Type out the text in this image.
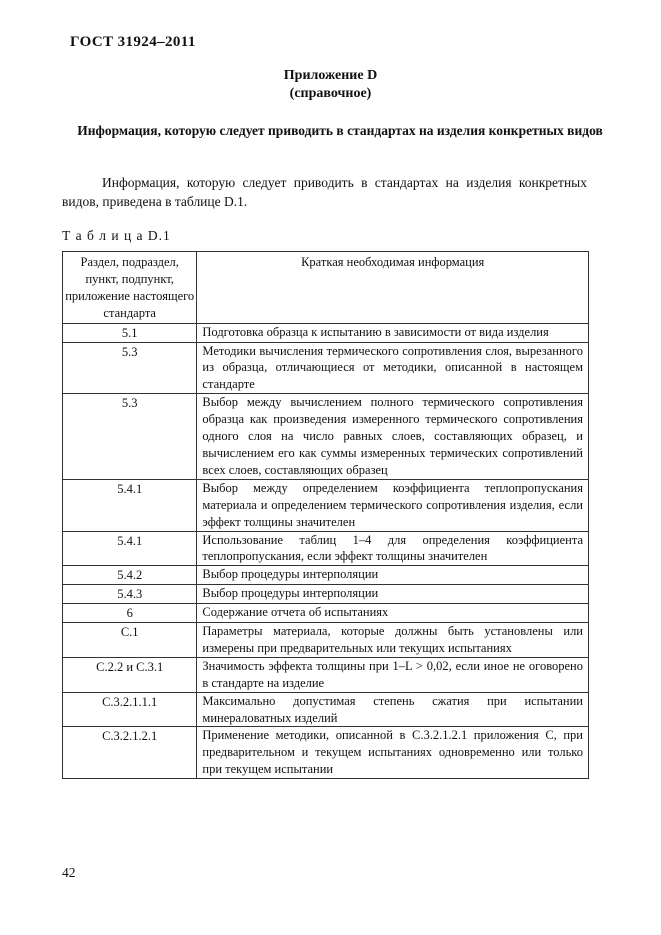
ГОСТ 31924–2011
Приложение D
(справочное)
Информация, которую следует приводить в стандартах на изделия конкретных видов
Информация, которую следует приводить в стандартах на изделия конкретных видов, приведена в таблице D.1.
Т а б л и ц а D.1
Раздел, подраздел, пункт, подпункт, приложение настоящего стандарта	Краткая необходимая информация

5.1	Подготовка образца к испытанию в зависимости от вида изделия

5.3	Методики вычисления термического сопротивления слоя, вырезанного из образца, отличающиеся от методики, описанной в настоящем стандарте

5.3	Выбор между вычислением полного термического сопротивления образца как произведения измеренного термического сопротивления одного слоя на число равных слоев, составляющих образец, и вычислением его как суммы измеренных термических сопротивлений всех слоев, составляющих образец

5.4.1	Выбор между определением коэффициента теплопропускания материала и определением термического сопротивления изделия, если эффект толщины значителен

5.4.1	Использование таблиц 1–4 для определения коэффициента теплопропускания, если эффект толщины значителен

5.4.2	Выбор процедуры интерполяции

5.4.3	Выбор процедуры интерполяции

6	Содержание отчета об испытаниях

С.1	Параметры материала, которые должны быть установлены или измерены при предварительных или текущих испытаниях

С.2.2 и С.3.1	Значимость эффекта толщины при 1–L > 0,02, если иное не оговорено в стандарте на изделие

С.3.2.1.1.1	Максимально допустимая степень сжатия при испытании минераловатных изделий

С.3.2.1.2.1	Применение методики, описанной в С.3.2.1.2.1 приложения С, при предварительном и текущем испытаниях одновременно или только при текущем испытании
42
